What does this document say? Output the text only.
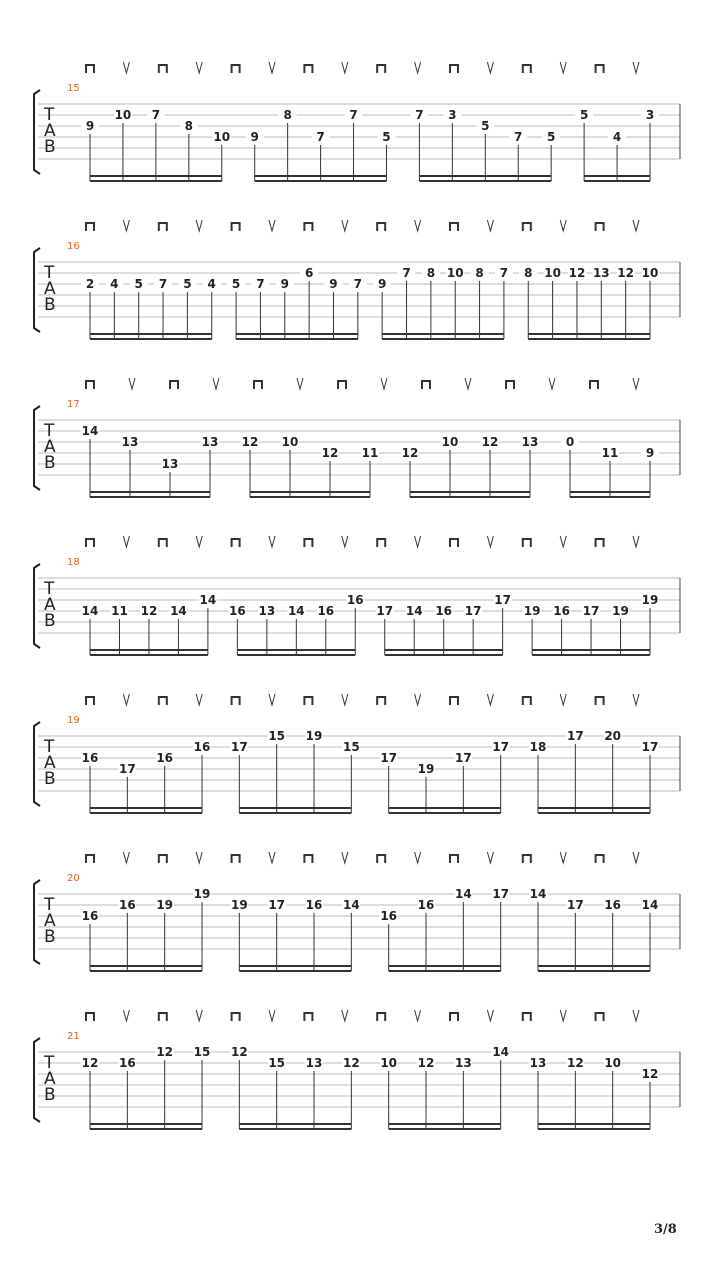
15
T
A
B
9
10 7
8
10 9
8
7
7
5
7 3
5
7 5
5
4
3
16
T
A
B
2 4 5 7 5 4 5 7 9
6
9 7 9
7 8 10 8 7 8 10 12 13 12 10
17
T
A
B
14
13
13
13 12 10
12 11 12
10 12 13 0
11 9
18
T
A
B 14 11 12 14
14
16 13 14 16
16
17 14 16 17
17
19 16 17 19
19
19
T
A
B
16
17
16
16 17
15 19
15
17
19
17
17 18
17 20
17
20
T
A
B
16
16 19
19
19 17 16 14
16
16
14 17 14
17 16 14
21
T
A
B
12 16
12 15 12
15 13 12 10 12 13
14
13 12 10
12
3/8
